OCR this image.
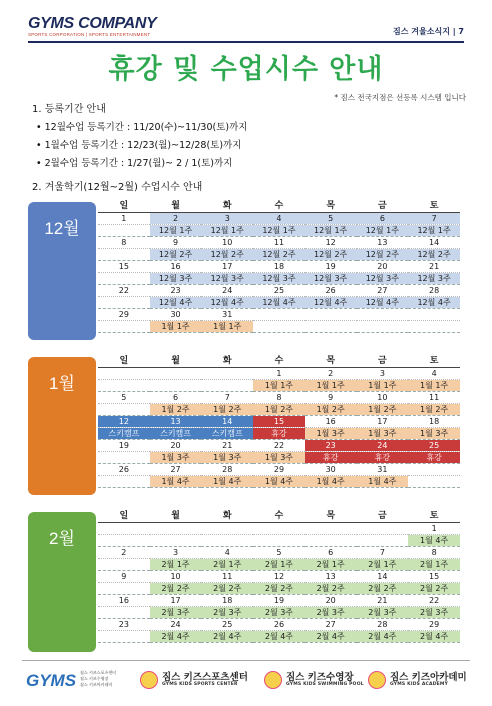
GYMS COMPANY
SPORTS CORPORATION | SPORTS ENTERTAINMENT	짐스 겨울소식지 | 7
휴강 및 수업시수 안내
* 짐스 전국지점은 선등록 시스템 입니다
1. 등록기간 안내
• 12월수업 등록기간 : 11/20(수)~11/30(토)까지
• 1월수업 등록기간 : 12/23(월)~12/28(토)까지
• 2월수업 등록기간 : 1/27(월)~ 2 / 1(토)까지
2. 겨울학기(12월~2월) 수업시수 안내
12월
일	월	화	수	목	금	토
1	2	3	4	5	6	7
	12월 1주	12월 1주	12월 1주	12월 1주	12월 1주	12월 1주
8	9	10	11	12	13	14
	12월 2주	12월 2주	12월 2주	12월 2주	12월 2주	12월 2주
15	16	17	18	19	20	21
	12월 3주	12월 3주	12월 3주	12월 3주	12월 3주	12월 3주
22	23	24	25	26	27	28
	12월 4주	12월 4주	12월 4주	12월 4주	12월 4주	12월 4주
29	30	31				
	1월 1주	1월 1주				
1월
일	월	화	수	목	금	토
			1	2	3	4
			1월 1주	1월 1주	1월 1주	1월 1주
5	6	7	8	9	10	11
	1월 2주	1월 2주	1월 2주	1월 2주	1월 2주	1월 2주
12	13	14	15	16	17	18
스키캠프	스키캠프	스키캠프	휴강	1월 3주	1월 3주	1월 3주
19	20	21	22	23	24	25
	1월 3주	1월 3주	1월 3주	휴강	휴강	휴강
26	27	28	29	30	31	
	1월 4주	1월 4주	1월 4주	1월 4주	1월 4주	
2월
일	월	화	수	목	금	토
						1
						1월 4주
2	3	4	5	6	7	8
	2월 1주	2월 1주	2월 1주	2월 1주	2월 1주	2월 1주
9	10	11	12	13	14	15
	2월 2주	2월 2주	2월 2주	2월 2주	2월 2주	2월 2주
16	17	18	19	20	21	22
	2월 3주	2월 3주	2월 3주	2월 3주	2월 3주	2월 3주
23	24	25	26	27	28	29
	2월 4주	2월 4주	2월 4주	2월 4주	2월 4주	2월 4주
GYMS 짐스 키즈스포츠센터
짐스 키즈수영장
짐스 키즈아카데미
짐스 키즈스포츠센터
GYMS KIDS SPORTS CENTER
짐스 키즈수영장
GYMS KIDS SWIMMING POOL
짐스 키즈아카데미
GYMS KIDS ACADEMY
